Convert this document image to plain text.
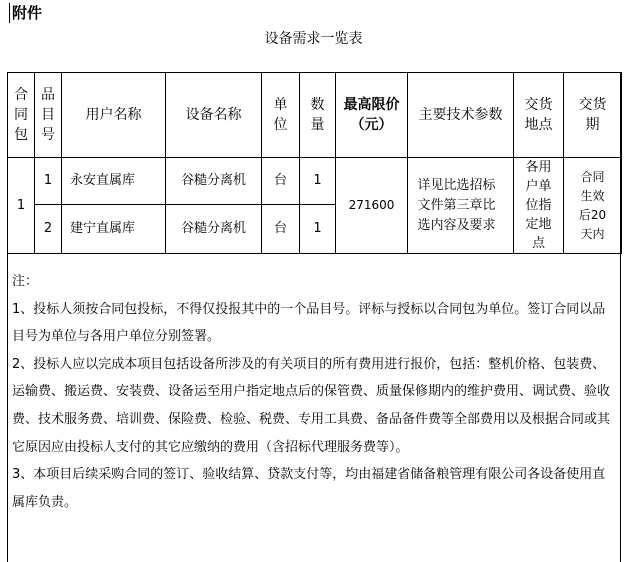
附件
设备需求一览表
合同包	品目号	用户名称	设备名称	单位	数量	最高限价（元）	主要技术参数	交货地点	交货期

1	1	永安直属库	谷糙分离机	台	1	271600	详见比选招标文件第三章比选内容及要求	各用户单位指定地点	合同生效后20天内

	2	建宁直属库	谷糙分离机	台	1				

注：

1、投标人须按合同包投标，不得仅投报其中的一个品目号。评标与授标以合同包为单位。签订合同以品目号为单位与各用户单位分别签署。

2、投标人应以完成本项目包括设备所涉及的有关项目的所有费用进行报价，包括：整机价格、包装费、运输费、搬运费、安装费、设备运至用户指定地点后的保管费、质量保修期内的维护费用、调试费、验收费、技术服务费、培训费、保险费、检验、税费、专用工具费、备品备件费等全部费用以及根据合同或其它原因应由投标人支付的其它应缴纳的费用（含招标代理服务费等）。

3、本项目后续采购合同的签订、验收结算、贷款支付等，均由福建省储备粮管理有限公司各设备使用直属库负责。
